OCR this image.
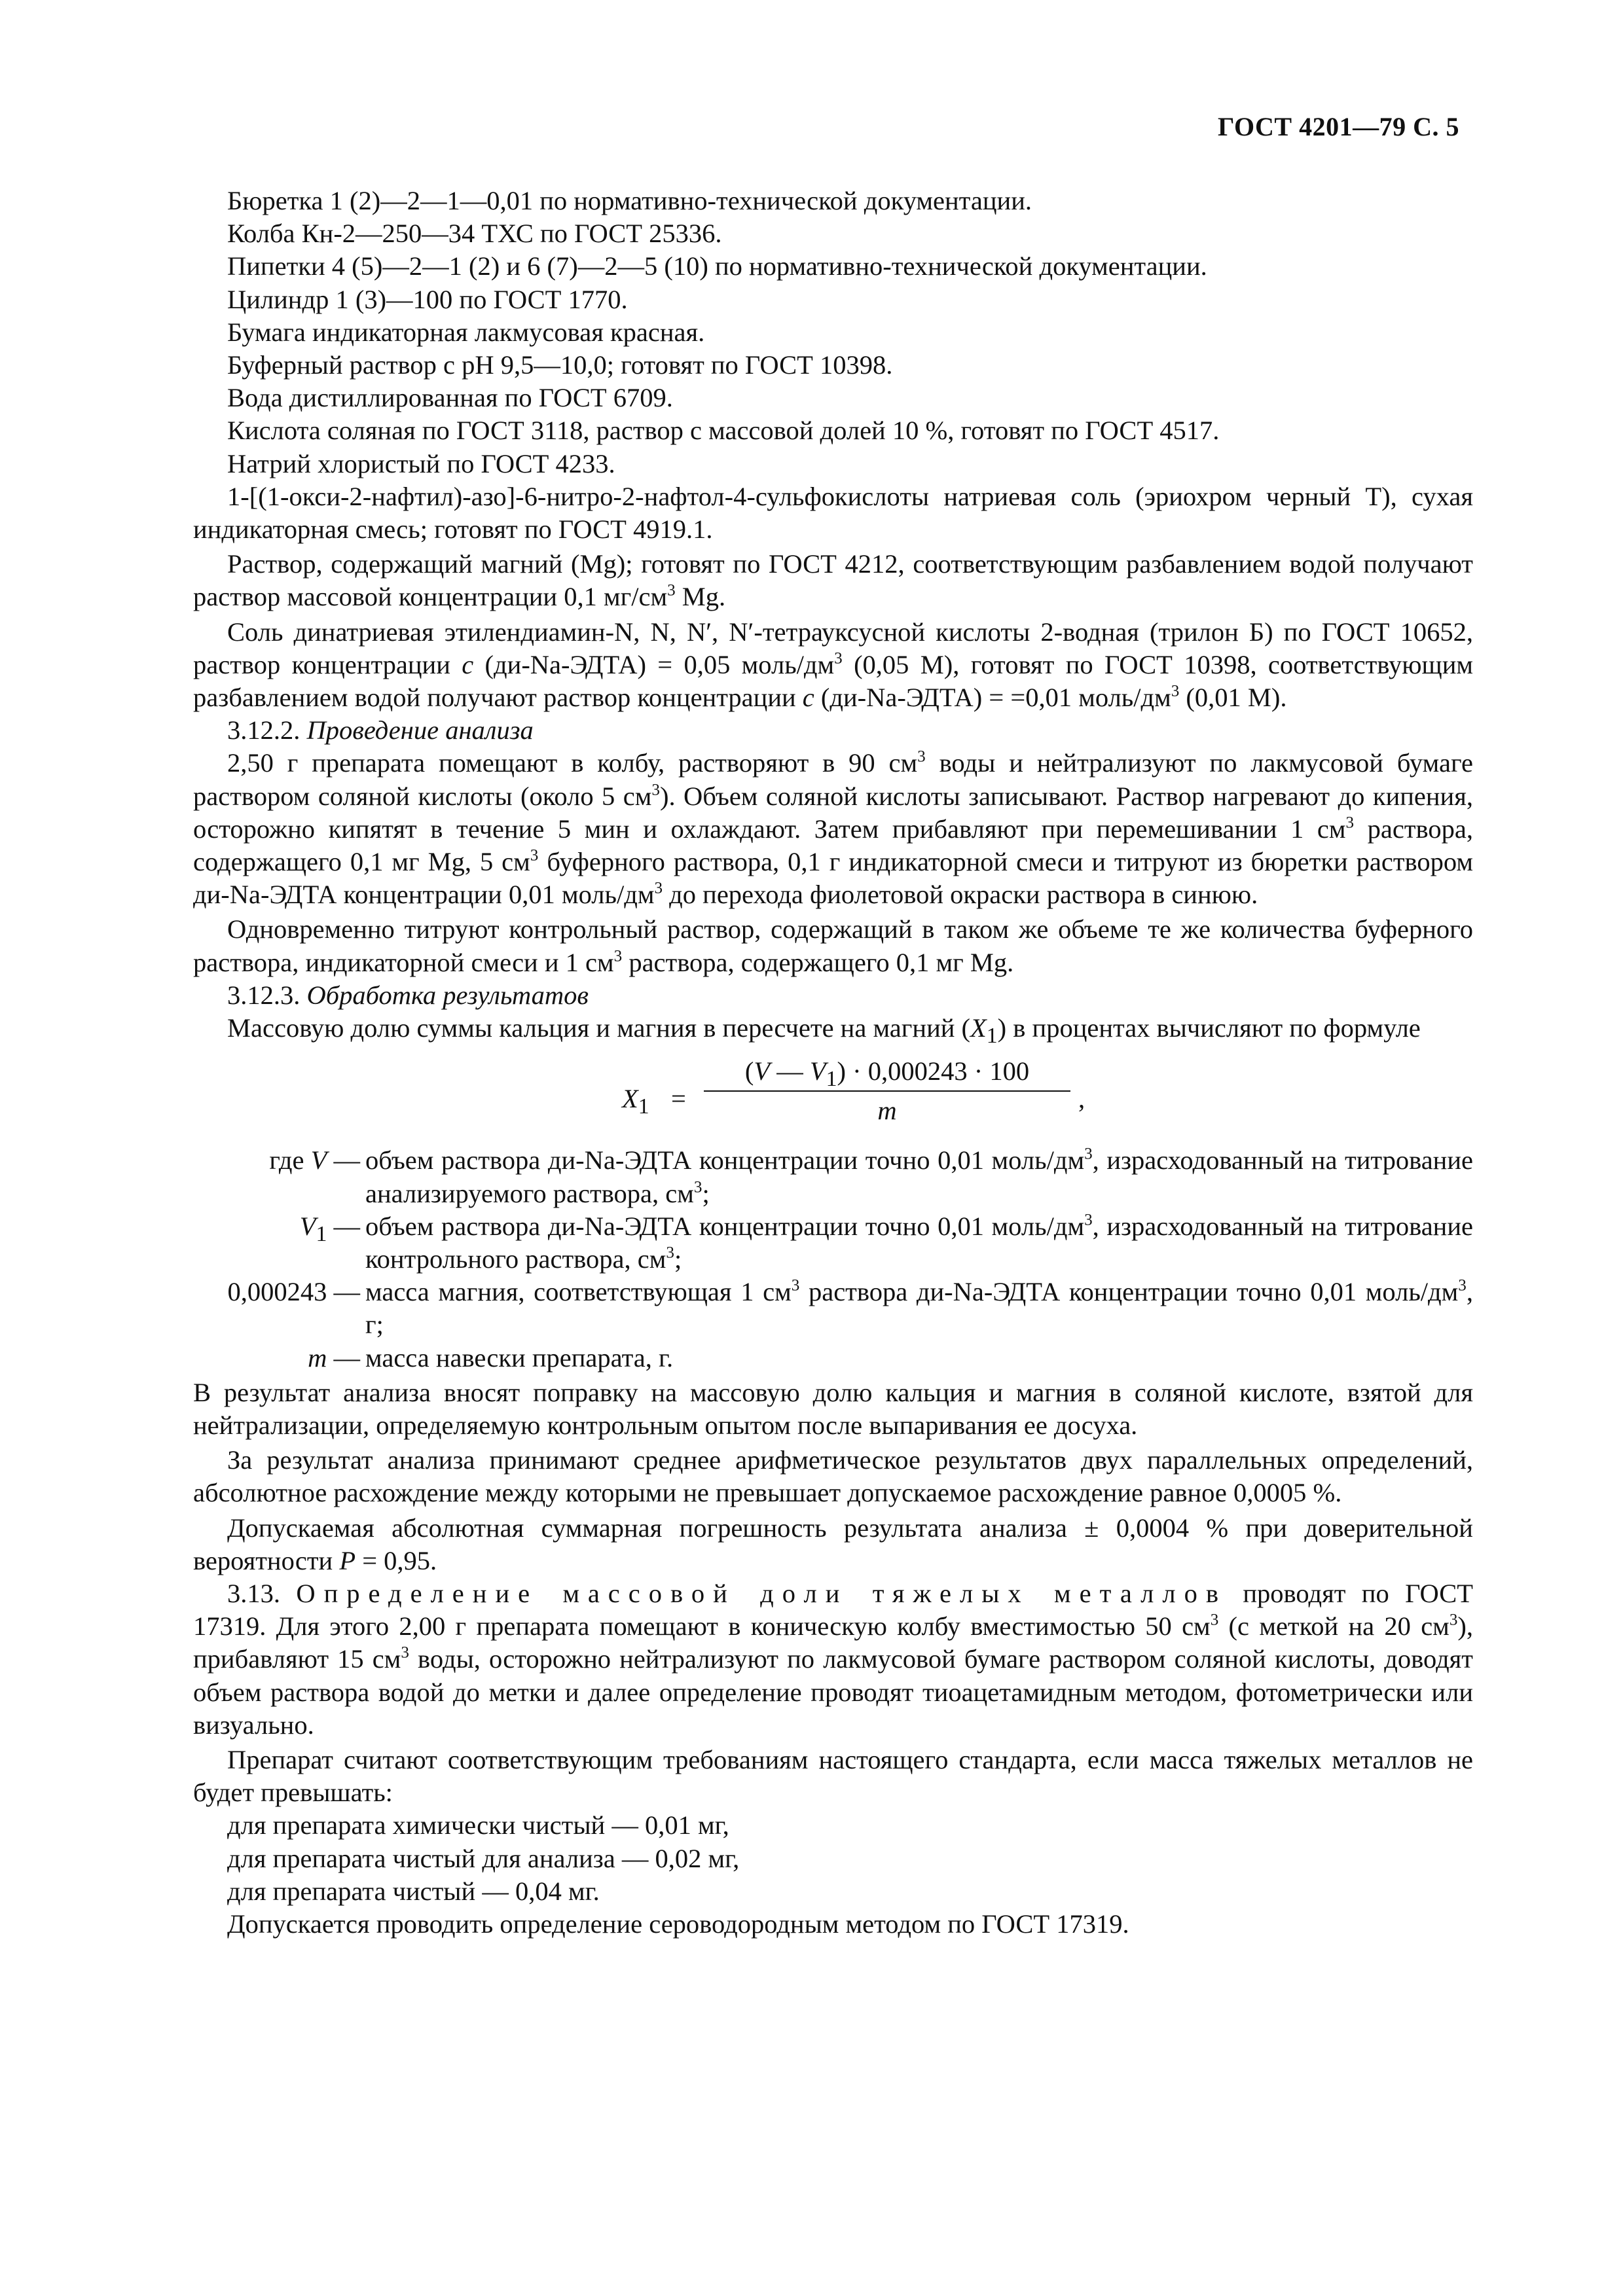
ГОСТ 4201—79 С. 5

Бюретка 1 (2)—2—1—0,01 по нормативно-технической документации.

Колба Кн-2—250—34 ТХС по ГОСТ 25336.

Пипетки 4 (5)—2—1 (2) и 6 (7)—2—5 (10) по нормативно-технической документации.

Цилиндр 1 (3)—100 по ГОСТ 1770.

Бумага индикаторная лакмусовая красная.

Буферный раствор с pH 9,5—10,0; готовят по ГОСТ 10398.

Вода дистиллированная по ГОСТ 6709.

Кислота соляная по ГОСТ 3118, раствор с массовой долей 10 %, готовят по ГОСТ 4517.

Натрий хлористый по ГОСТ 4233.

1-[(1-окси-2-нафтил)-азо]-6-нитро-2-нафтол-4-сульфокислоты натриевая соль (эриохром черный Т), сухая индикаторная смесь; готовят по ГОСТ 4919.1.

Раствор, содержащий магний (Mg); готовят по ГОСТ 4212, соответствующим разбавлением водой получают раствор массовой концентрации 0,1 $мг/см^3$ Mg.

Соль динатриевая этилендиамин-N, N, N′, N′-тетрауксусной кислоты 2-водная (трилон Б) по ГОСТ 10652, раствор концентрации c (ди-Na-ЭДТА) = 0,05 моль/$дм^3$ (0,05 М), готовят по ГОСТ 10398, соответствующим разбавлением водой получают раствор концентрации c (ди-Na-ЭДТА) = =0,01 моль/$дм^3$ (0,01 М).

3.12.2. Проведение анализа

2,50 г препарата помещают в колбу, растворяют в 90 $см^3$ воды и нейтрализуют по лакмусовой бумаге раствором соляной кислоты (около 5 $см^3$). Объем соляной кислоты записывают. Раствор нагревают до кипения, осторожно кипятят в течение 5 мин и охлаждают. Затем прибавляют при перемешивании 1 $см^3$ раствора, содержащего 0,1 мг Mg, 5 $см^3$ буферного раствора, 0,1 г индикаторной смеси и титруют из бюретки раствором ди-Na-ЭДТА концентрации 0,01 моль/$дм^3$ до перехода фиолетовой окраски раствора в синюю.

Одновременно титруют контрольный раствор, содержащий в таком же объеме те же количества буферного раствора, индикаторной смеси и 1 $см^3$ раствора, содержащего 0,1 мг Mg.

3.12.3. Обработка результатов

Массовую долю суммы кальция и магния в пересчете на магний $(X_1)$ в процентах вычисляют по формуле

$X_1$ =
(V — $V_1) \cdot 0,000243 \cdot 100$
m	,
где V — объем раствора ди-Na-ЭДТА концентрации точно 0,01 моль/$дм^3$, израсходованный на титрование анализируемого раствора, $см^3$;
$V_1$ — объем раствора ди-Na-ЭДТА концентрации точно 0,01 моль/$дм^3$, израсходованный на титрование контрольного раствора, $см^3$;
0,000243 — масса магния, соответствующая 1 $см^3$ раствора ди-Na-ЭДТА концентрации точно 0,01 моль/$дм^3$, г;
m — масса навески препарата, г.

В результат анализа вносят поправку на массовую долю кальция и магния в соляной кислоте, взятой для нейтрализации, определяемую контрольным опытом после выпаривания ее досуха.

За результат анализа принимают среднее арифметическое результатов двух параллельных определений, абсолютное расхождение между которыми не превышает допускаемое расхождение равное 0,0005 %.

Допускаемая абсолютная суммарная погрешность результата анализа ± 0,0004 % при доверительной вероятности P = 0,95.

3.13. Определение массовой доли тяжелых металлов проводят по ГОСТ 17319. Для этого 2,00 г препарата помещают в коническую колбу вместимостью 50 $см^3$ (с меткой на 20 $см^3$), прибавляют 15 $см^3$ воды, осторожно нейтрализуют по лакмусовой бумаге раствором соляной кислоты, доводят объем раствора водой до метки и далее определение проводят тиоацетамидным методом, фотометрически или визуально.

Препарат считают соответствующим требованиям настоящего стандарта, если масса тяжелых металлов не будет превышать:

для препарата химически чистый — 0,01 мг,

для препарата чистый для анализа — 0,02 мг,

для препарата чистый — 0,04 мг.

Допускается проводить определение сероводородным методом по ГОСТ 17319.
